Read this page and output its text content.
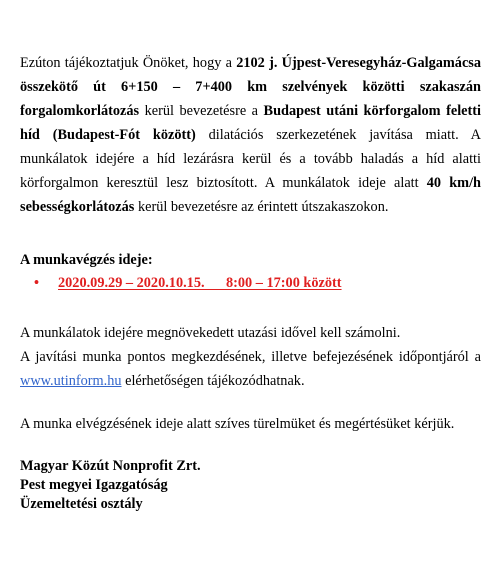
Ezúton tájékoztatjuk Önöket, hogy a 2102 j. Újpest-Veresegyház-Galgamácsa összekötő út 6+150 – 7+400 km szelvények közötti szakaszán forgalomkorlátozás kerül bevezetésre a Budapest utáni körforgalom feletti híd (Budapest-Fót között) dilatációs szerkezetének javítása miatt. A munkálatok idejére a híd lezárásra kerül és a tovább haladás a híd alatti körforgalmon keresztül lesz biztosított. A munkálatok ideje alatt 40 km/h sebességkorlátozás kerül bevezetésre az érintett útszakaszokon.

A munkavégzés ideje:

• 2020.09.29 – 2020.10.15.      8:00 – 17:00 között

A munkálatok idejére megnövekedett utazási idővel kell számolni.

A javítási munka pontos megkezdésének, illetve befejezésének időpontjáról a www.utinform.hu elérhetőségen tájékozódhatnak.

A munka elvégzésének ideje alatt szíves türelmüket és megértésüket kérjük.

Magyar Közút Nonprofit Zrt.

Pest megyei Igazgatóság

Üzemeltetési osztály
